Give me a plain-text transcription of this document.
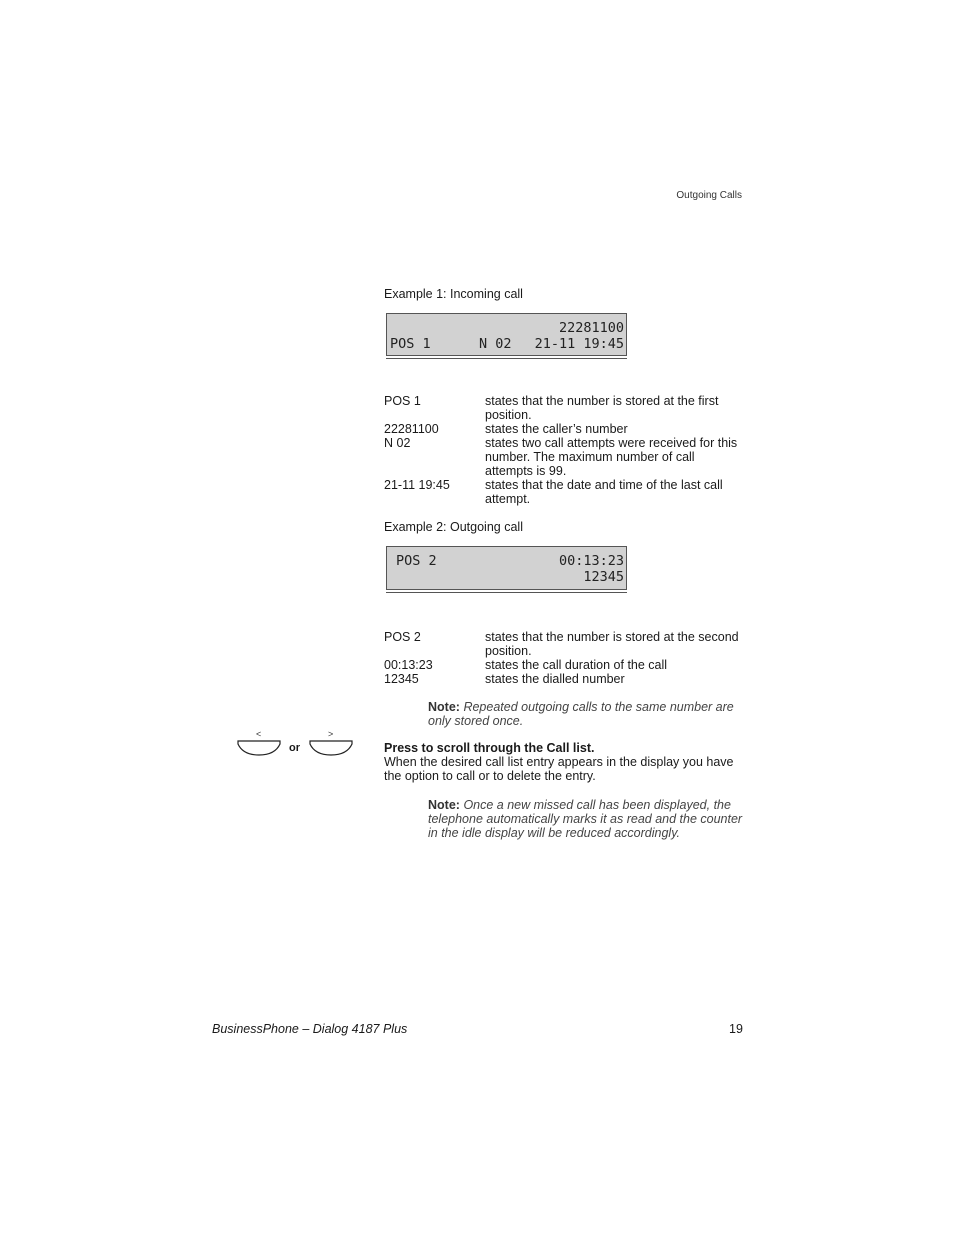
Outgoing Calls
Example 1: Incoming call
22281100
POS 1	N 02 21-11 19:45
POS 1	states that the number is stored at the first position.
22281100	states the caller’s number
N 02	states two call attempts were received for this number. The maximum number of call attempts is 99.
21-11 19:45	states that the date and time of the last call attempt.
Example 2: Outgoing call
POS 2	00:13:23
12345
POS 2	states that the number is stored at the second position.
00:13:23	states the call duration of the call
12345	states the dialled number
Note: Repeated outgoing calls to the same number are only stored once.
<
or
>
Press to scroll through the Call list.
When the desired call list entry appears in the display you have the option to call or to delete the entry.
Note: Once a new missed call has been displayed, the telephone automatically marks it as read and the counter in the idle display will be reduced accordingly.
BusinessPhone – Dialog 4187 Plus	19
